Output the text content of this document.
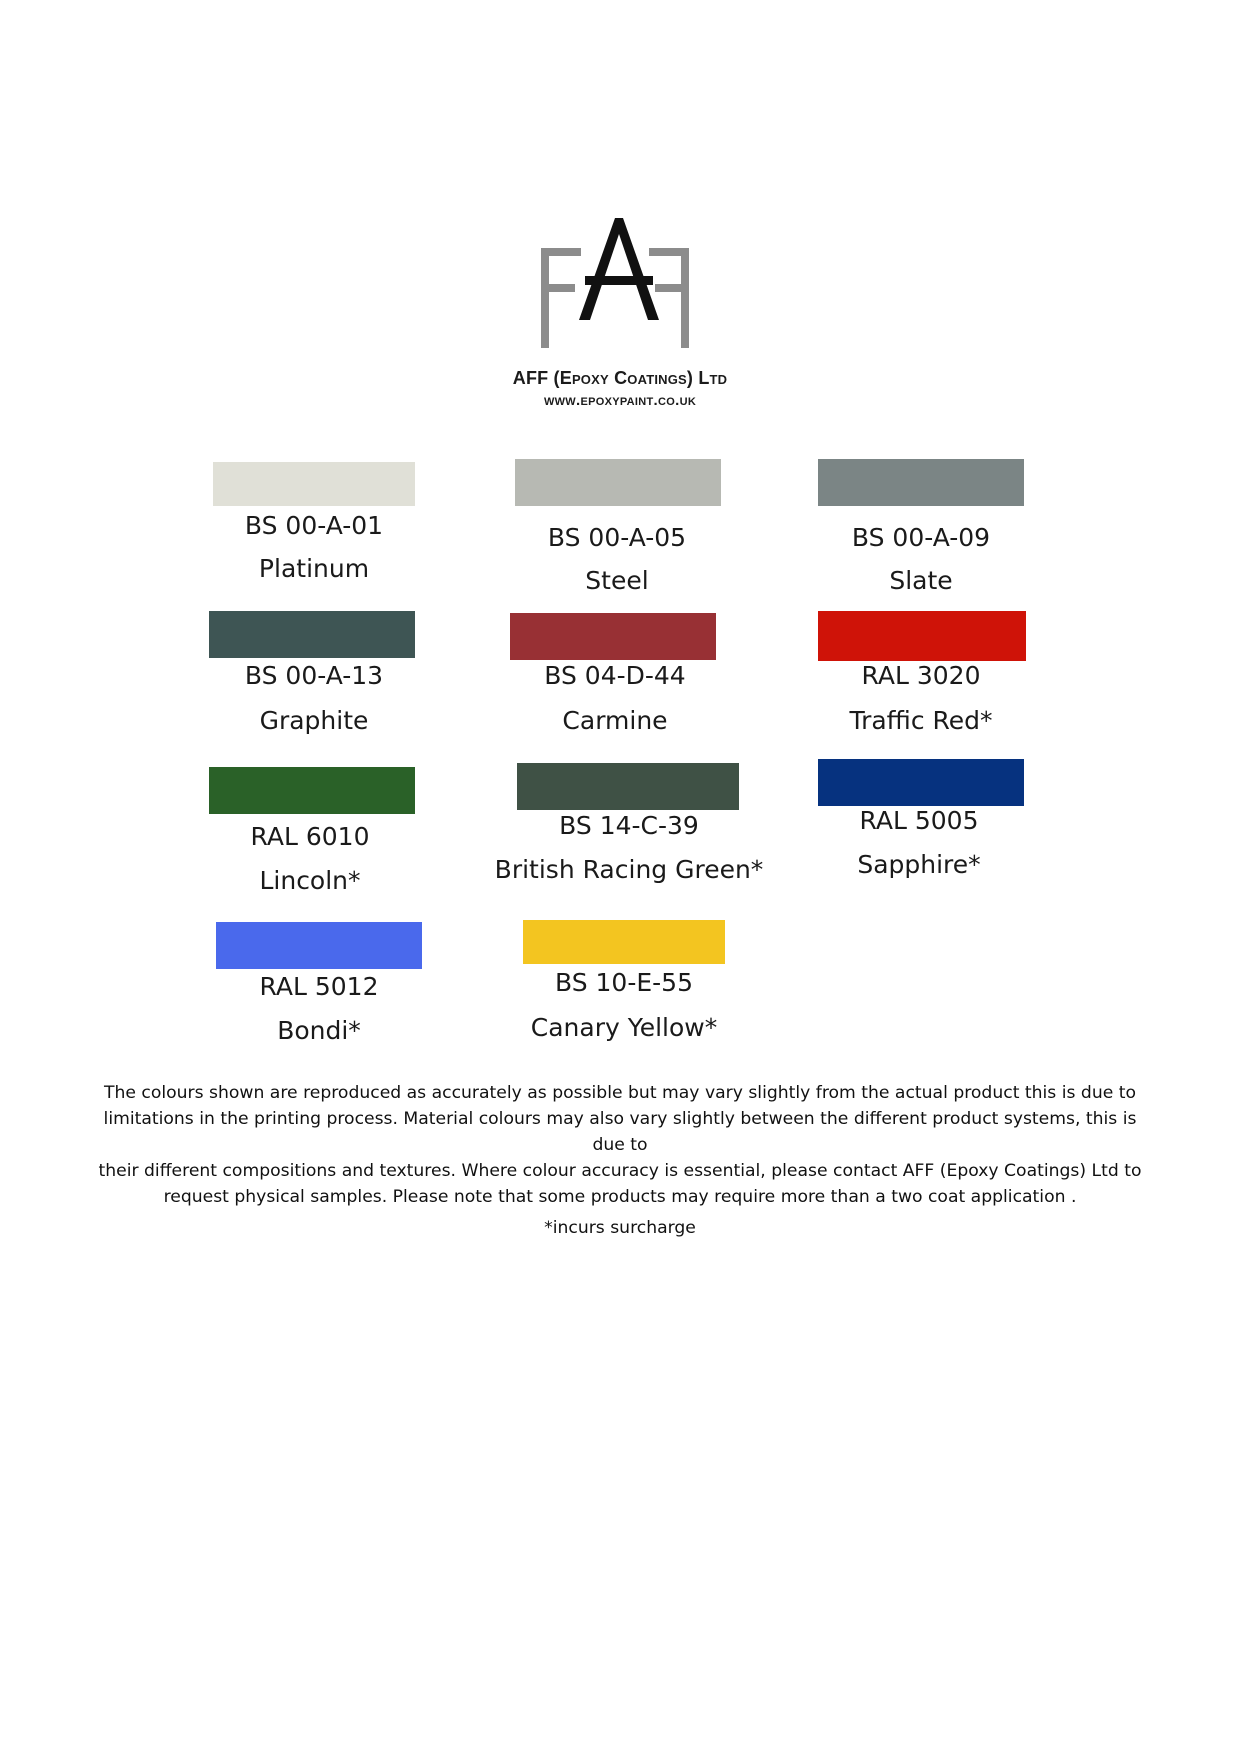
AFF (Epoxy Coatings) Ltd
www.epoxypaint.co.uk
BS 00-A-01
Platinum
BS 00-A-05
Steel
BS 00-A-09
Slate
BS 00-A-13
Graphite
BS 04-D-44
Carmine
RAL 3020
Traffic Red*
RAL 6010
Lincoln*
BS 14-C-39
British Racing Green*
RAL 5005
Sapphire*
RAL 5012
Bondi*
BS 10-E-55
Canary Yellow*
The colours shown are reproduced as accurately as possible but may vary slightly from the actual product this is due to
limitations in the printing process. Material colours may also vary slightly between the different product systems, this is due to
their different compositions and textures. Where colour accuracy is essential, please contact AFF (Epoxy Coatings) Ltd to
request physical samples. Please note that some products may require more than a two coat application .
*incurs surcharge
